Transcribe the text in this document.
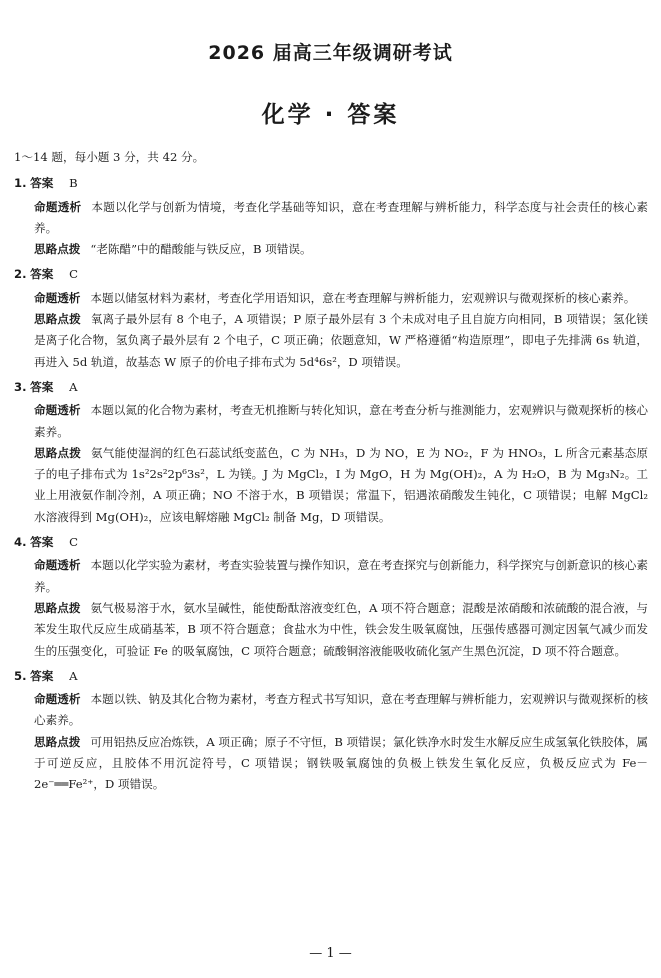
2026 届高三年级调研考试
化学 · 答案
1～14 题，每小题 3 分，共 42 分。
1. 答案 B
命题透析 本题以化学与创新为情境，考查化学基础等知识，意在考查理解与辨析能力，科学态度与社会责任的核心素养。
思路点拨 “老陈醋”中的醋酸能与铁反应，B 项错误。
2. 答案 C
命题透析 本题以储氢材料为素材，考查化学用语知识，意在考查理解与辨析能力，宏观辨识与微观探析的核心素养。
思路点拨 氧离子最外层有 8 个电子，A 项错误；P 原子最外层有 3 个未成对电子且自旋方向相同，B 项错误；氢化镁是离子化合物，氢负离子最外层有 2 个电子，C 项正确；依题意知，W 严格遵循“构造原理”，即电子先排满 6s 轨道，再进入 5d 轨道，故基态 W 原子的价电子排布式为 5d⁴6s²，D 项错误。
3. 答案 A
命题透析 本题以氮的化合物为素材，考查无机推断与转化知识，意在考查分析与推测能力，宏观辨识与微观探析的核心素养。
思路点拨 氨气能使湿润的红色石蕊试纸变蓝色，C 为 NH₃，D 为 NO，E 为 NO₂，F 为 HNO₃，L 所含元素基态原子的电子排布式为 1s²2s²2p⁶3s²，L 为镁。J 为 MgCl₂，I 为 MgO，H 为 Mg(OH)₂，A 为 H₂O，B 为 Mg₃N₂。工业上用液氨作制冷剂，A 项正确；NO 不溶于水，B 项错误；常温下，铝遇浓硝酸发生钝化，C 项错误；电解 MgCl₂ 水溶液得到 Mg(OH)₂，应该电解熔融 MgCl₂ 制备 Mg，D 项错误。
4. 答案 C
命题透析 本题以化学实验为素材，考查实验装置与操作知识，意在考查探究与创新能力，科学探究与创新意识的核心素养。
思路点拨 氨气极易溶于水，氨水呈碱性，能使酚酞溶液变红色，A 项不符合题意；混酸是浓硝酸和浓硫酸的混合液，与苯发生取代反应生成硝基苯，B 项不符合题意；食盐水为中性，铁会发生吸氧腐蚀，压强传感器可测定因氧气减少而发生的压强变化，可验证 Fe 的吸氧腐蚀，C 项符合题意；硫酸铜溶液能吸收硫化氢产生黑色沉淀，D 项不符合题意。
5. 答案 A
命题透析 本题以铁、钠及其化合物为素材，考查方程式书写知识，意在考查理解与辨析能力，宏观辨识与微观探析的核心素养。
思路点拨 可用铝热反应冶炼铁，A 项正确；原子不守恒，B 项错误；氯化铁净水时发生水解反应生成氢氧化铁胶体，属于可逆反应，且胶体不用沉淀符号，C 项错误；钢铁吸氧腐蚀的负极上铁发生氧化反应，负极反应式为 Fe－2e⁻══Fe²⁺，D 项错误。
— 1 —
